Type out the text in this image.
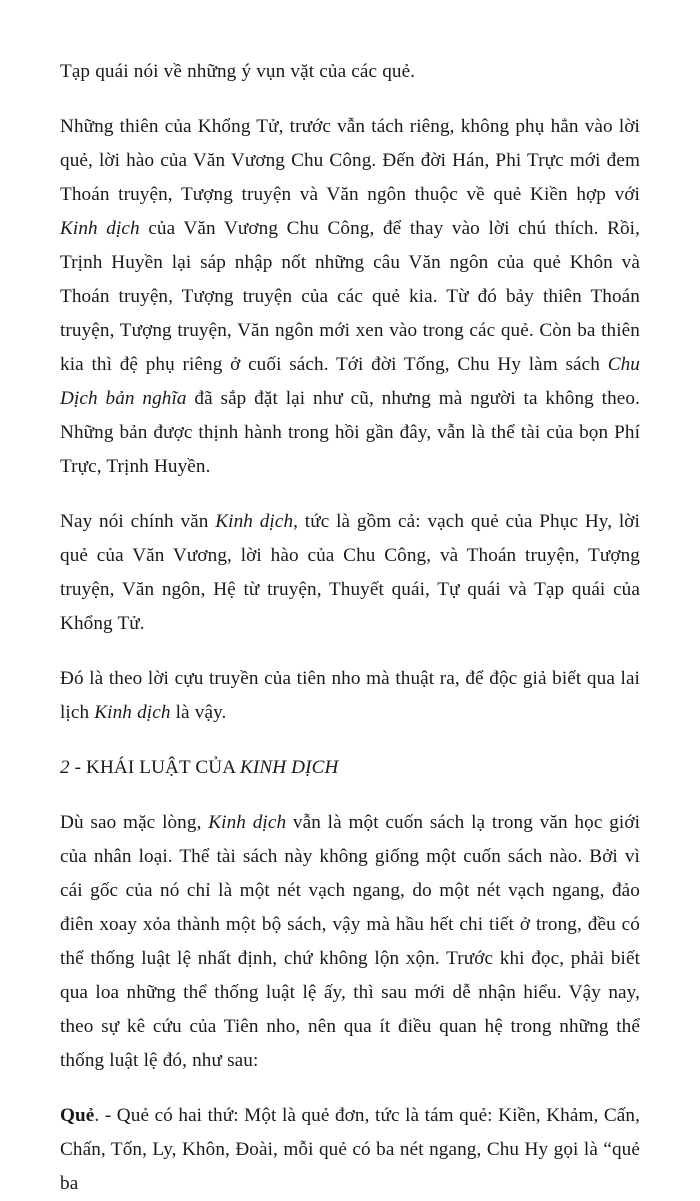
Tạp quái nói về những ý vụn vặt của các quẻ.

Những thiên của Khổng Tử, trước vẫn tách riêng, không phụ hẳn vào lời quẻ, lời hào của Văn Vương Chu Công. Đến đời Hán, Phi Trực mới đem Thoán truyện, Tượng truyện và Văn ngôn thuộc về quẻ Kiền hợp với Kinh dịch của Văn Vương Chu Công, để thay vào lời chú thích. Rồi, Trịnh Huyền lại sáp nhập nốt những câu Văn ngôn của quẻ Khôn và Thoán truyện, Tượng truyện của các quẻ kia. Từ đó bảy thiên Thoán truyện, Tượng truyện, Văn ngôn mới xen vào trong các quẻ. Còn ba thiên kia thì đệ phụ riêng ở cuối sách. Tới đời Tống, Chu Hy làm sách Chu Dịch bản nghĩa đã sắp đặt lại như cũ, nhưng mà người ta không theo. Những bản được thịnh hành trong hồi gần đây, vẫn là thể tài của bọn Phí Trực, Trịnh Huyền.

Nay nói chính văn Kinh dịch, tức là gồm cả: vạch quẻ của Phục Hy, lời quẻ của Văn Vương, lời hào của Chu Công, và Thoán truyện, Tượng truyện, Văn ngôn, Hệ từ truyện, Thuyết quái, Tự quái và Tạp quái của Khổng Tử.

Đó là theo lời cựu truyền của tiên nho mà thuật ra, để độc giả biết qua lai lịch Kinh dịch là vậy.

2 - KHÁI LUẬT CỦA KINH DỊCH

Dù sao mặc lòng, Kinh dịch vẫn là một cuốn sách lạ trong văn học giới của nhân loại. Thể tài sách này không giống một cuốn sách nào. Bởi vì cái gốc của nó chỉ là một nét vạch ngang, do một nét vạch ngang, đảo điên xoay xỏa thành một bộ sách, vậy mà hầu hết chi tiết ở trong, đều có thể thống luật lệ nhất định, chứ không lộn xộn. Trước khi đọc, phải biết qua loa những thể thống luật lệ ấy, thì sau mới dễ nhận hiểu. Vậy nay, theo sự kê cứu của Tiên nho, nên qua ít điều quan hệ trong những thể thống luật lệ đó, như sau:

Quẻ. - Quẻ có hai thứ: Một là quẻ đơn, tức là tám quẻ: Kiền, Khảm, Cấn, Chấn, Tốn, Ly, Khôn, Đoài, mỗi quẻ có ba nét ngang, Chu Hy gọi là “quẻ ba
